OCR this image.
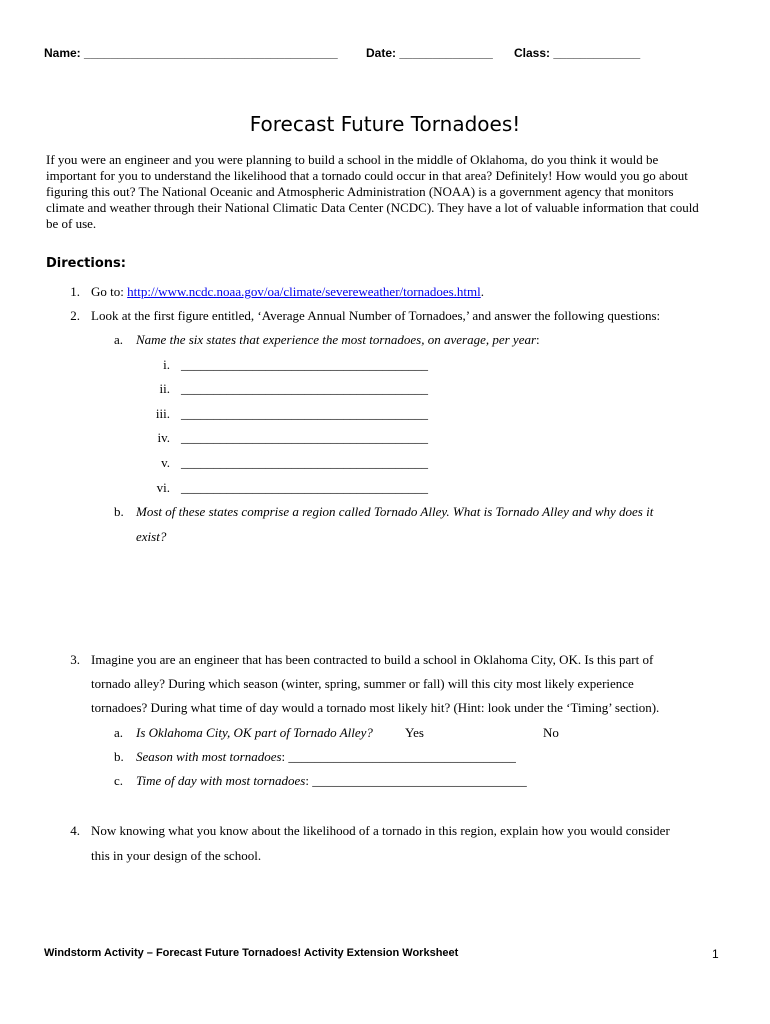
Name: ______________________________________ Date: ______________ Class: _____________
Forecast Future Tornadoes!
If you were an engineer and you were planning to build a school in the middle of Oklahoma, do you think it would be important for you to understand the likelihood that a tornado could occur in that area? Definitely! How would you go about figuring this out? The National Oceanic and Atmospheric Administration (NOAA) is a government agency that monitors climate and weather through their National Climatic Data Center (NCDC). They have a lot of valuable information that could be of use.
Directions:
1. Go to: http://www.ncdc.noaa.gov/oa/climate/severeweather/tornadoes.html.
2. Look at the first figure entitled, ‘Average Annual Number of Tornadoes,’ and answer the following questions:
a. Name the six states that experience the most tornadoes, on average, per year:
i. ______________________________________
ii. ______________________________________
iii. ______________________________________
iv. ______________________________________
v. ______________________________________
vi. ______________________________________
b. Most of these states comprise a region called Tornado Alley. What is Tornado Alley and why does it
exist?
3. Imagine you are an engineer that has been contracted to build a school in Oklahoma City, OK. Is this part of
tornado alley? During which season (winter, spring, summer or fall) will this city most likely experience
tornadoes? During what time of day would a tornado most likely hit? (Hint: look under the ‘Timing’ section).
a. Is Oklahoma City, OK part of Tornado Alley? Yes	No
b. Season with most tornadoes: ___________________________________
c. Time of day with most tornadoes: _________________________________
4. Now knowing what you know about the likelihood of a tornado in this region, explain how you would consider
this in your design of the school.
Windstorm Activity – Forecast Future Tornadoes! Activity Extension Worksheet	1
